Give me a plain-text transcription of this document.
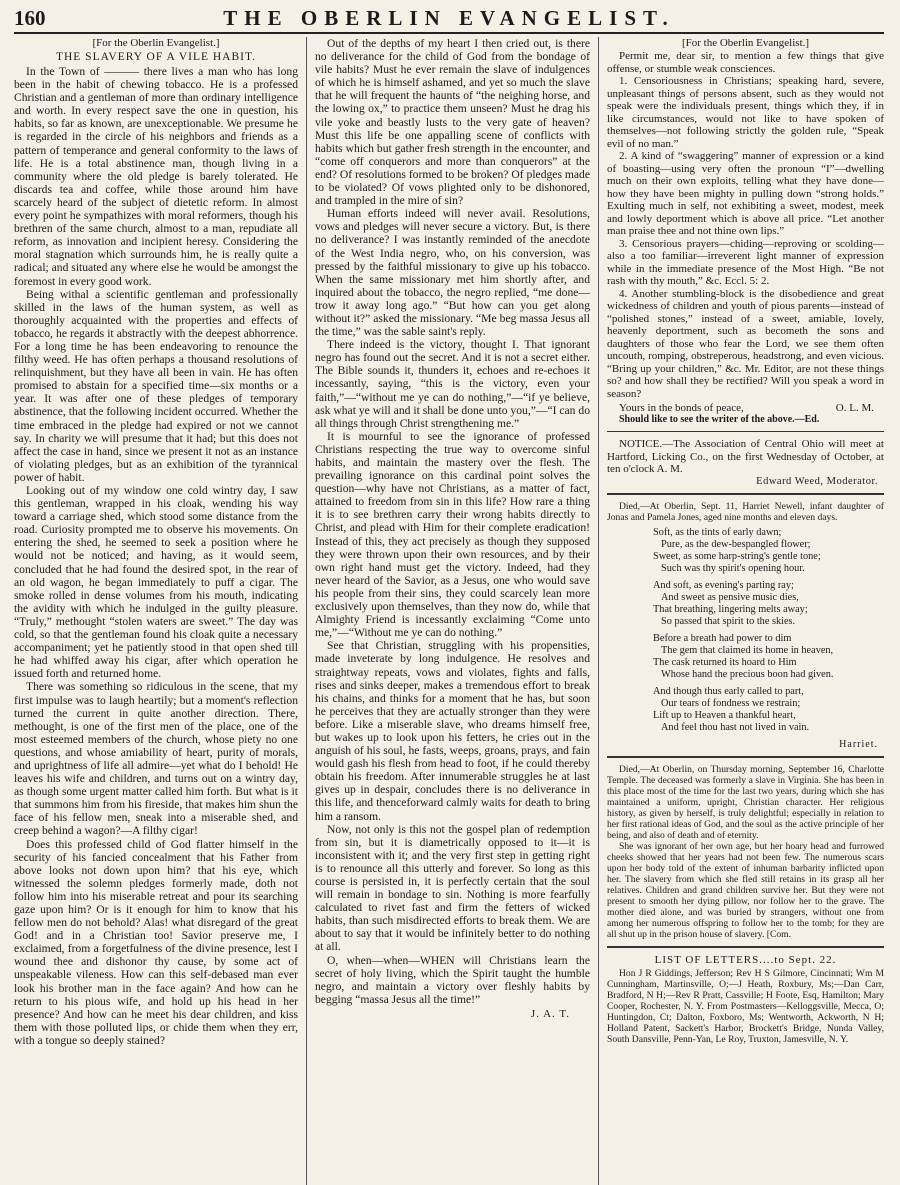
160	THE OBERLIN EVANGELIST.
[For the Oberlin Evangelist.]
THE SLAVERY OF A VILE HABIT.

In the Town of ——— there lives a man who has long been in the habit of chewing tobacco. He is a professed Christian and a gentleman of more than ordinary intelligence and worth. In every respect save the one in question, his habits, so far as known, are unexceptionable. We presume he is regarded in the circle of his neighbors and friends as a pattern of temperance and general conformity to the laws of life. He is a total abstinence man, though living in a community where the old pledge is barely tolerated. He discards tea and coffee, while those around him have scarcely heard of the subject of dietetic reform. In almost every point he sympathizes with moral reformers, though his brethren of the same church, almost to a man, repudiate all reform, as innovation and incipient heresy. Considering the moral stagnation which surrounds him, he is really quite a radical; and situated any where else he would be amongst the foremost in every good work.

Being withal a scientific gentleman and professionally skilled in the laws of the human system, as well as thoroughly acquainted with the properties and effects of tobacco, he regards it abstractly with the deepest abhorrence. For a long time he has been endeavoring to renounce the filthy weed. He has often perhaps a thousand resolutions of relinquishment, but they have all been in vain. He has often promised to abstain for a specified time—six months or a year. It was after one of these pledges of temporary abstinence, that the following incident occurred. Whether the time embraced in the pledge had expired or not we cannot say. In charity we will presume that it had; but this does not affect the case in hand, since we present it not as an instance of violating pledges, but as an exhibition of the tyrannical power of habit.

Looking out of my window one cold wintry day, I saw this gentleman, wrapped in his cloak, wending his way toward a carriage shed, which stood some distance from the road. Curiosity prompted me to observe his movements. On entering the shed, he seemed to seek a position where he would not be noticed; and having, as it would seem, concluded that he had found the desired spot, in the rear of an old wagon, he began immediately to puff a cigar. The smoke rolled in dense volumes from his mouth, indicating the avidity with which he indulged in the guilty pleasure. “Truly,” methought “stolen waters are sweet.” The day was cold, so that the gentleman found his cloak quite a necessary accompaniment; yet he patiently stood in that open shed till he had whiffed away his cigar, after which operation he issued forth and returned home.

There was something so ridiculous in the scene, that my first impulse was to laugh heartily; but a moment's reflection turned the current in quite another direction. There, methought, is one of the first men of the place, one of the most esteemed members of the church, whose piety no one questions, and whose amiability of heart, purity of morals, and uprightness of life all admire—yet what do I behold! He leaves his wife and children, and turns out on a wintry day, as though some urgent matter called him forth. But what is it that summons him from his fireside, that makes him shun the face of his fellow men, sneak into a miserable shed, and creep behind a wagon?—A filthy cigar!

Does this professed child of God flatter himself in the security of his fancied concealment that his Father from above looks not down upon him? that his eye, which witnessed the solemn pledges formerly made, doth not follow him into his miserable retreat and pour its searching gaze upon him? Or is it enough for him to know that his fellow men do not behold? Alas! what disregard of the great God! and in a Christian too! Savior preserve me, I exclaimed, from a forgetfulness of the divine presence, lest I wound thee and dishonor thy cause, by some act of unspeakable vileness. How can this self-debased man ever look his brother man in the face again? And how can he return to his pious wife, and hold up his head in her presence? And how can he meet his dear children, and kiss them with those polluted lips, or chide them when they err, with a tongue so deeply stained?

Out of the depths of my heart I then cried out, is there no deliverance for the child of God from the bondage of vile habits? Must he ever remain the slave of indulgences of which he is himself ashamed, and yet so much the slave that he will frequent the haunts of “the neighing horse, and the lowing ox,” to practice them unseen? Must he drag his vile yoke and beastly lusts to the very gate of heaven? Must this life be one appalling scene of conflicts with habits which but gather fresh strength in the encounter, and “come off conquerors and more than conquerors” at the end? Of resolutions formed to be broken? Of pledges made to be violated? Of vows plighted only to be dishonored, and trampled in the mire of sin?

Human efforts indeed will never avail. Resolutions, vows and pledges will never secure a victory. But, is there no deliverance? I was instantly reminded of the anecdote of the West India negro, who, on his conversion, was pressed by the faithful missionary to give up his tobacco. When the same missionary met him shortly after, and inquired about the tobacco, the negro replied, “me done—trow it away long ago.” “But how can you get along without it?” asked the missionary. “Me beg massa Jesus all the time,” was the sable saint's reply.

There indeed is the victory, thought I. That ignorant negro has found out the secret. And it is not a secret either. The Bible sounds it, thunders it, echoes and re-echoes it incessantly, saying, “this is the victory, even your faith,”—“without me ye can do nothing,”—“if ye believe, ask what ye will and it shall be done unto you,”—“I can do all things through Christ strengthening me.”

It is mournful to see the ignorance of professed Christians respecting the true way to overcome sinful habits, and maintain the mastery over the flesh. The prevailing ignorance on this cardinal point solves the question—why have not Christians, as a matter of fact, attained to freedom from sin in this life? How rare a thing it is to see brethren carry their wrong habits directly to Christ, and plead with Him for their complete eradication! Instead of this, they act precisely as though they supposed they were thrown upon their own resources, and by their own right hand must get the victory. Indeed, had they never heard of the Savior, as a Jesus, one who would save his people from their sins, they could scarcely lean more exclusively upon themselves, than they now do, while that Almighty Friend is incessantly exclaiming “Come unto me,”—“Without me ye can do nothing.”

See that Christian, struggling with his propensities, made inveterate by long indulgence. He resolves and straightway repeats, vows and violates, fights and falls, rises and sinks deeper, makes a tremendous effort to break his chains, and thinks for a moment that he has, but soon he perceives that they are actually stronger than they were before. Like a miserable slave, who dreams himself free, but wakes up to look upon his fetters, he cries out in the anguish of his soul, he fasts, weeps, groans, prays, and fain would gash his flesh from head to foot, if he could thereby obtain his freedom. After innumerable struggles he at last gives up in despair, concludes there is no deliverance in this life, and thenceforward calmly waits for death to bring him a ransom.

Now, not only is this not the gospel plan of redemption from sin, but it is diametrically opposed to it—it is inconsistent with it; and the very first step in getting right is to renounce all this utterly and forever. So long as this course is persisted in, it is perfectly certain that the soul will remain in bondage to sin. Nothing is more fearfully calculated to rivet fast and firm the fetters of wicked habits, than such misdirected efforts to break them. We are about to say that it would be infinitely better to do nothing at all.

O, when—when—WHEN will Christians learn the secret of holy living, which the Spirit taught the humble negro, and maintain a victory over fleshly habits by begging “massa Jesus all the time!”

J. A. T.
[For the Oberlin Evangelist.]

Permit me, dear sir, to mention a few things that give offense, or stumble weak consciences.

1. Censoriousness in Christians; speaking hard, severe, unpleasant things of persons absent, such as they would not speak were the individuals present, things which they, if in like circumstances, would not like to have spoken of themselves—not following strictly the golden rule, “Speak evil of no man.”

2. A kind of “swaggering” manner of expression or a kind of boasting—using very often the pronoun “I”—dwelling much on their own exploits, telling what they have done—how they have been mighty in pulling down “strong holds.” Exulting much in self, not exhibiting a sweet, modest, meek and lowly deportment which is above all price. “Let another man praise thee and not thine own lips.”

3. Censorious prayers—chiding—reproving or scolding—also a too familiar—irreverent light manner of expression while in the immediate presence of the Most High. “Be not rash with thy mouth,” &c. Eccl. 5: 2.

4. Another stumbling-block is the disobedience and great wickedness of children and youth of pious parents—instead of “polished stones,” instead of a sweet, amiable, lovely, heavenly deportment, such as becometh the sons and daughters of those who fear the Lord, we see them often uncouth, romping, obstreperous, headstrong, and even vicious. “Bring up your children,” &c. Mr. Editor, are not these things so? and how shall they be rectified? Will you speak a word in season?

Yours in the bonds of peace,	O. L. M.
Should like to see the writer of the above.—Ed.

NOTICE.—The Association of Central Ohio will meet at Hartford, Licking Co., on the first Wednesday of October, at ten o'clock A. M.

Edward Weed, Moderator.

Died,—At Oberlin, Sept. 11, Harriet Newell, infant daughter of Jonas and Pamela Jones, aged nine months and eleven days.

Soft, as the tints of early dawn;
Pure, as the dew-bespangled flower;
Sweet, as some harp-string's gentle tone;
Such was thy spirit's opening hour.
And soft, as evening's parting ray;
And sweet as pensive music dies,
That breathing, lingering melts away;
So passed that spirit to the skies.
Before a breath had power to dim
The gem that claimed its home in heaven,
The cask returned its hoard to Him
Whose hand the precious boon had given.
And though thus early called to part,
Our tears of fondness we restrain;
Lift up to Heaven a thankful heart,
And feel thou hast not lived in vain.
Harriet.

Died,—At Oberlin, on Thursday morning, September 16, Charlotte Temple. The deceased was formerly a slave in Virginia. She has been in this place most of the time for the last two years, during which she has maintained a uniform, upright, Christian character. Her religious history, as given by herself, is truly delightful; especially in relation to her first rational ideas of God, and the soul as the active principle of her being, and also of death and of eternity.

She was ignorant of her own age, but her hoary head and furrowed cheeks showed that her years had not been few. The numerous scars upon her body told of the extent of inhuman barbarity inflicted upon her. The slavery from which she fled still retains in its grasp all her relatives. Children and grand children survive her. But they were not present to smooth her dying pillow, nor follow her to the grave. The mother died alone, and was buried by strangers, without one from among her numerous offspring to follow her to the tomb; for they are all shut up in the prison house of slavery. [Com.

LIST OF LETTERS....to Sept. 22.

Hon J R Giddings, Jefferson; Rev H S Gilmore, Cincinnati; Wm M Cunningham, Martinsville, O;—J Heath, Roxbury, Ms;—Dan Carr, Bradford, N H;—Rev R Pratt, Cassville; H Foote, Esq, Hamilton; Mary Cooper, Rochester, N. Y. From Postmasters—Kelloggsville, Mecca, O; Huntingdon, Ct; Dalton, Foxboro, Ms; Wentworth, Ackworth, N H; Holland Patent, Sackett's Harbor, Brockett's Bridge, Nunda Valley, South Dansville, Penn-Yan, Le Roy, Truxton, Jamesville, N. Y.
